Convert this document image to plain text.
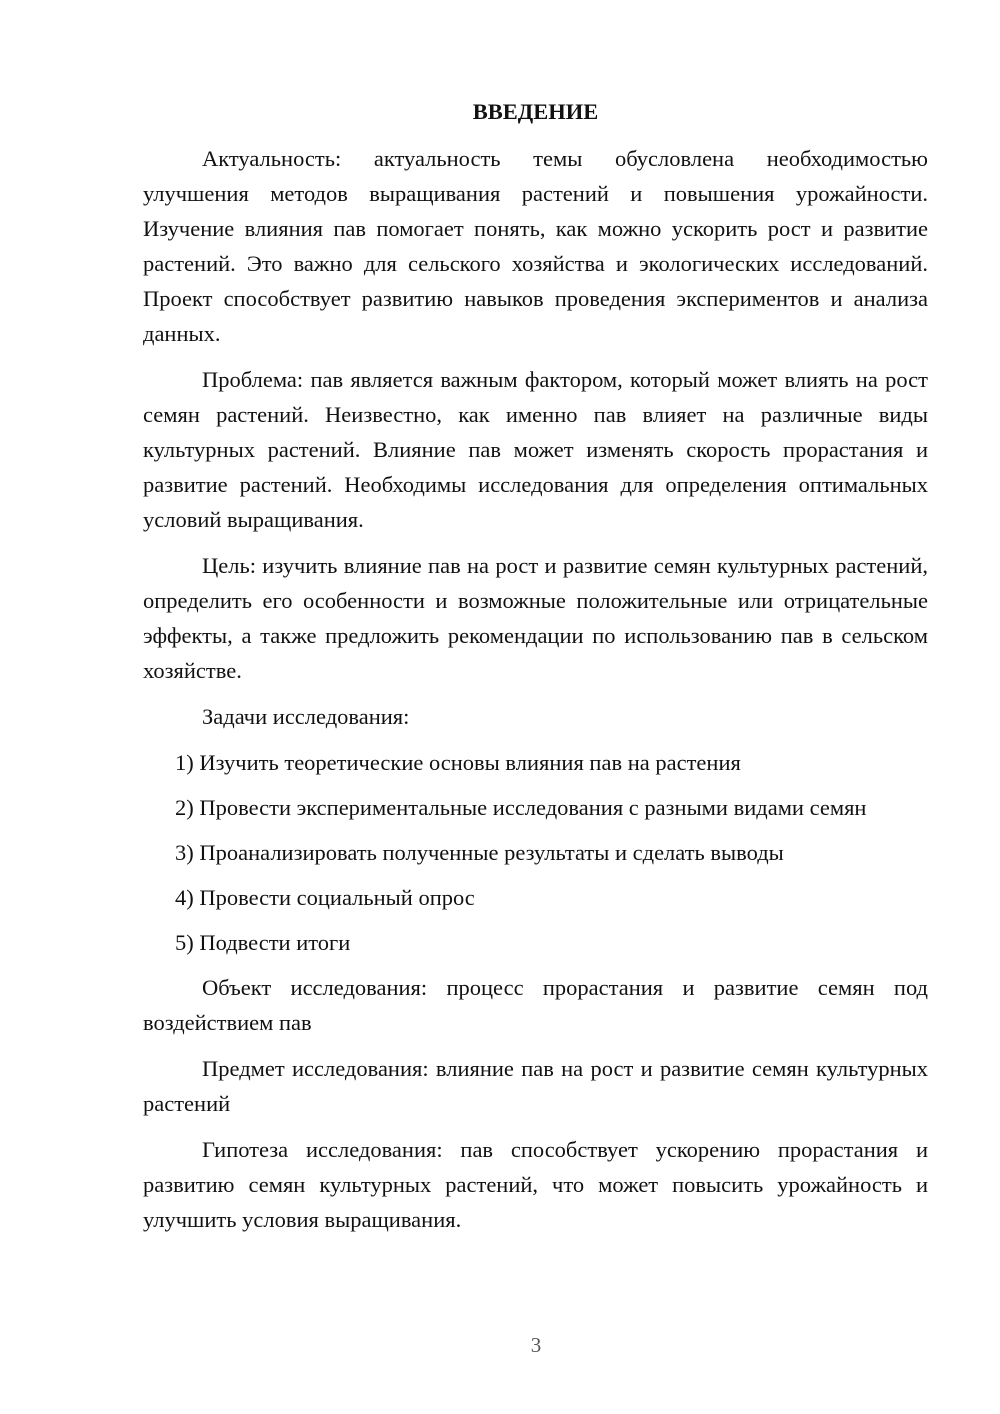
ВВЕДЕНИЕ

Актуальность: актуальность темы обусловлена необходимостью улучшения методов выращивания растений и повышения урожайности. Изучение влияния пав помогает понять, как можно ускорить рост и развитие растений. Это важно для сельского хозяйства и экологических исследований. Проект способствует развитию навыков проведения экспериментов и анализа данных.

Проблема: пав является важным фактором, который может влиять на рост семян растений. Неизвестно, как именно пав влияет на различные виды культурных растений. Влияние пав может изменять скорость прорастания и развитие растений. Необходимы исследования для определения оптимальных условий выращивания.

Цель: изучить влияние пав на рост и развитие семян культурных растений, определить его особенности и возможные положительные или отрицательные эффекты, а также предложить рекомендации по использованию пав в сельском хозяйстве.

Задачи исследования:

1) Изучить теоретические основы влияния пав на растения

2) Провести экспериментальные исследования с разными видами семян

3) Проанализировать полученные результаты и сделать выводы

4) Провести социальный опрос

5) Подвести итоги

Объект исследования: процесс прорастания и развитие семян под воздействием пав

Предмет исследования: влияние пав на рост и развитие семян культурных растений

Гипотеза исследования: пав способствует ускорению прорастания и развитию семян культурных растений, что может повысить урожайность и улучшить условия выращивания.

3
